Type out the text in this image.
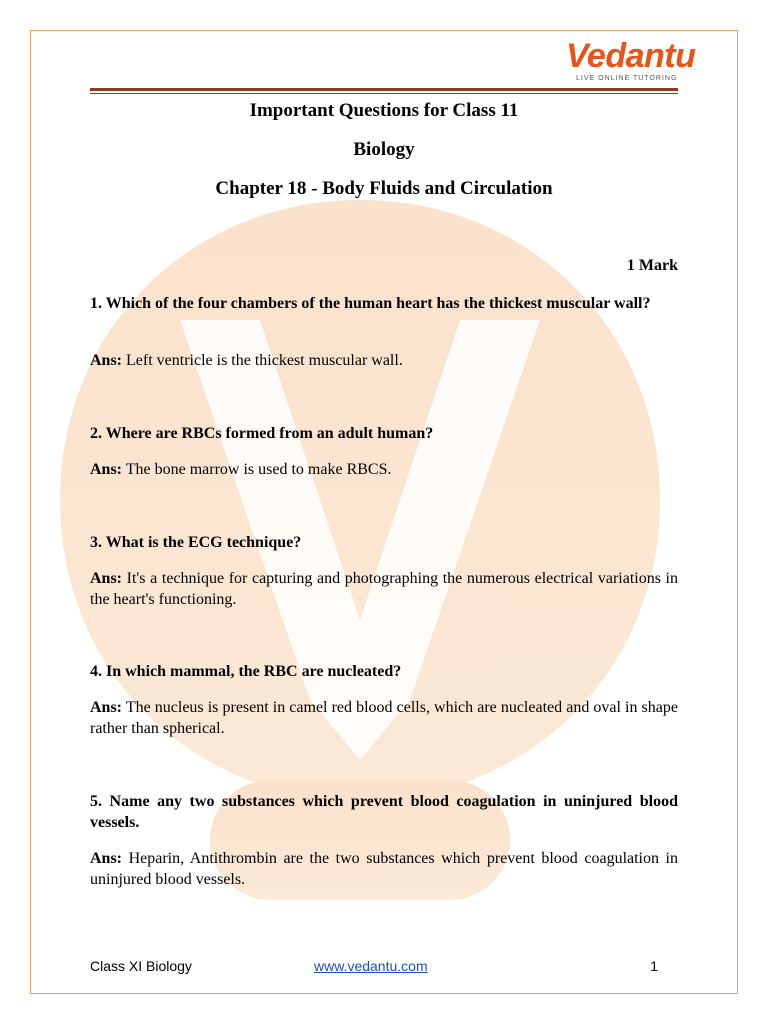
Vedantu
LIVE ONLINE TUTORING
Important Questions for Class 11
Biology
Chapter 18 - Body Fluids and Circulation
1 Mark
1. Which of the four chambers of the human heart has the thickest muscular wall?
Ans: Left ventricle is the thickest muscular wall.
2. Where are RBCs formed from an adult human?
Ans: The bone marrow is used to make RBCS.
3. What is the ECG technique?
Ans: It's a technique for capturing and photographing the numerous electrical variations in the heart's functioning.
4. In which mammal, the RBC are nucleated?
Ans: The nucleus is present in camel red blood cells, which are nucleated and oval in shape rather than spherical.
5. Name any two substances which prevent blood coagulation in uninjured blood vessels.
Ans: Heparin, Antithrombin are the two substances which prevent blood coagulation in uninjured blood vessels.
Class XI Biology	www.vedantu.com	1
